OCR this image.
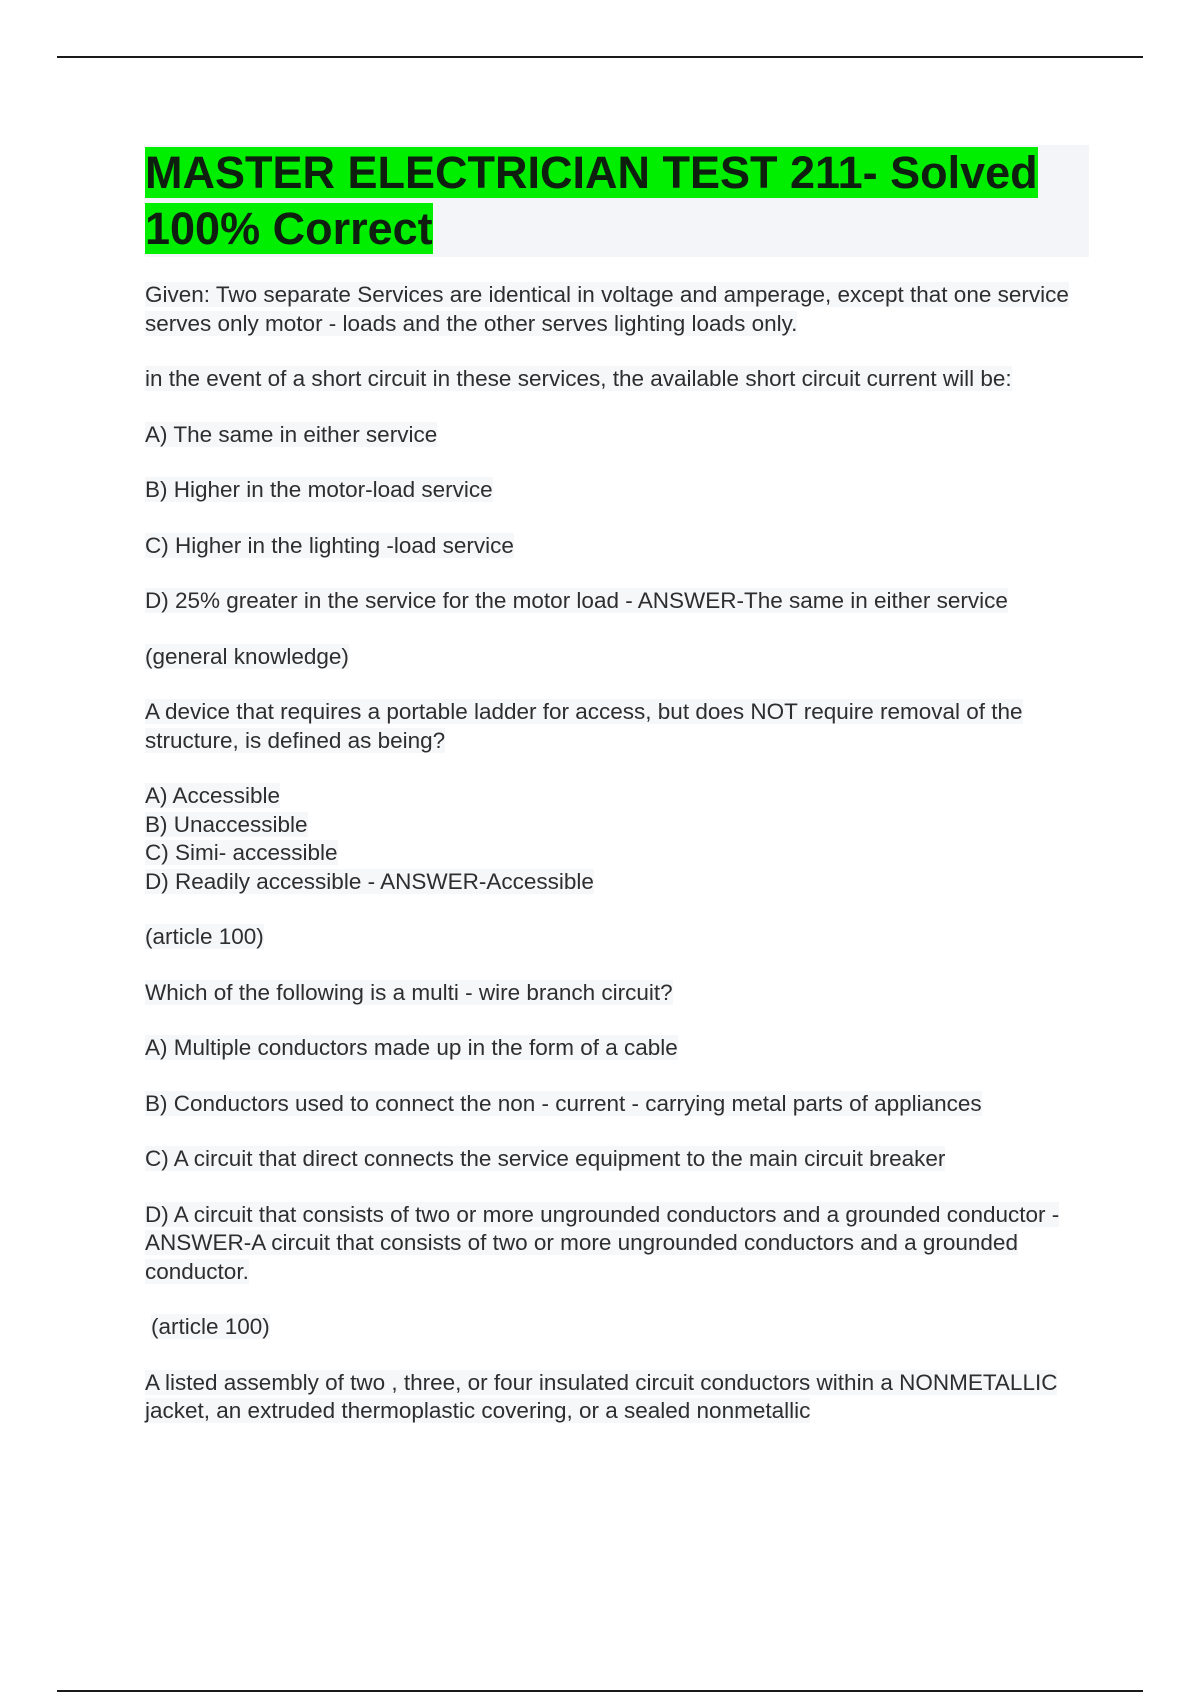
MASTER ELECTRICIAN TEST 211- Solved 100% Correct

Given: Two separate Services are identical in voltage and amperage, except that one service serves only motor - loads and the other serves lighting loads only.

in the event of a short circuit in these services, the available short circuit current will be:

A) The same in either service

B) Higher in the motor-load service

C) Higher in the lighting -load service

D) 25% greater in the service for the motor load - ANSWER-The same in either service

(general knowledge)

A device that requires a portable ladder for access, but does NOT require removal of the structure, is defined as being?

A) Accessible

B) Unaccessible

C) Simi- accessible

D) Readily accessible - ANSWER-Accessible

(article 100)

Which of the following is a multi - wire branch circuit?

A) Multiple conductors made up in the form of a cable

B) Conductors used to connect the non - current - carrying metal parts of appliances

C) A circuit that direct connects the service equipment to the main circuit breaker

D) A circuit that consists of two or more ungrounded conductors and a grounded conductor - ANSWER-A circuit that consists of two or more ungrounded conductors and a grounded conductor.

(article 100)

A listed assembly of two , three, or four insulated circuit conductors within a NONMETALLIC jacket, an extruded thermoplastic covering, or a sealed nonmetallic
